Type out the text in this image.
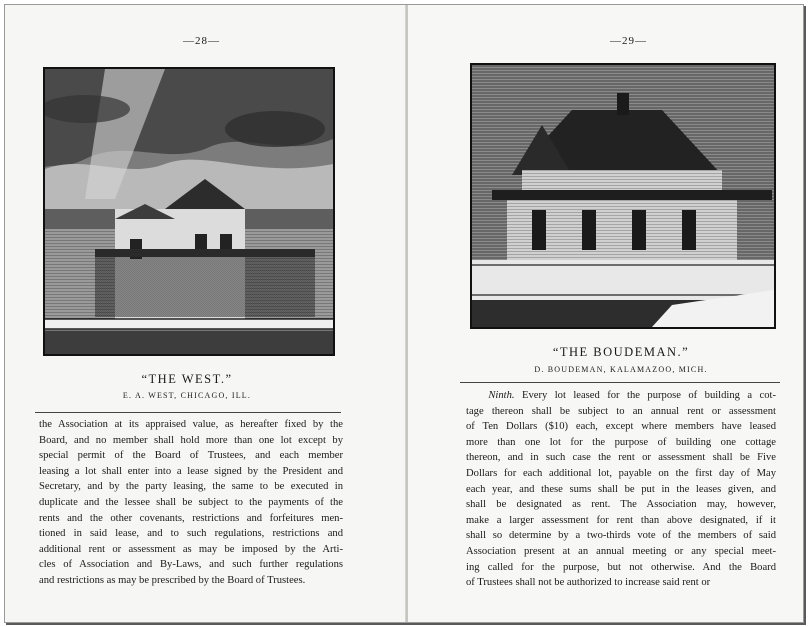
—28—
“THE WEST.”
E. A. WEST, CHICAGO, ILL.
the Association at its appraised value, as hereafter fixed by the
Board, and no member shall hold more than one lot except by
special permit of the Board of Trustees, and each member
leasing a lot shall enter into a lease signed by the President and
Secretary, and by the party leasing, the same to be executed in
duplicate and the lessee shall be subject to the payments of the
rents and the other covenants, restrictions and forfeitures men-
tioned in said lease, and to such regulations, restrictions and
additional rent or assessment as may be imposed by the Arti-
cles of Association and By-Laws, and such further regulations
and restrictions as may be prescribed by the Board of Trustees.
—29—
“THE BOUDEMAN.”
D. BOUDEMAN, KALAMAZOO, MICH.
Ninth. Every lot leased for the purpose of building a cot-
tage thereon shall be subject to an annual rent or assessment
of Ten Dollars ($10) each, except where members have leased
more than one lot for the purpose of building one cottage
thereon, and in such case the rent or assessment shall be Five
Dollars for each additional lot, payable on the first day of May
each year, and these sums shall be put in the leases given, and
shall be designated as rent. The Association may, however,
make a larger assessment for rent than above designated, if it
shall so determine by a two-thirds vote of the members of said
Association present at an annual meeting or any special meet-
ing called for the purpose, but not otherwise. And the Board
of Trustees shall not be authorized to increase said rent or
